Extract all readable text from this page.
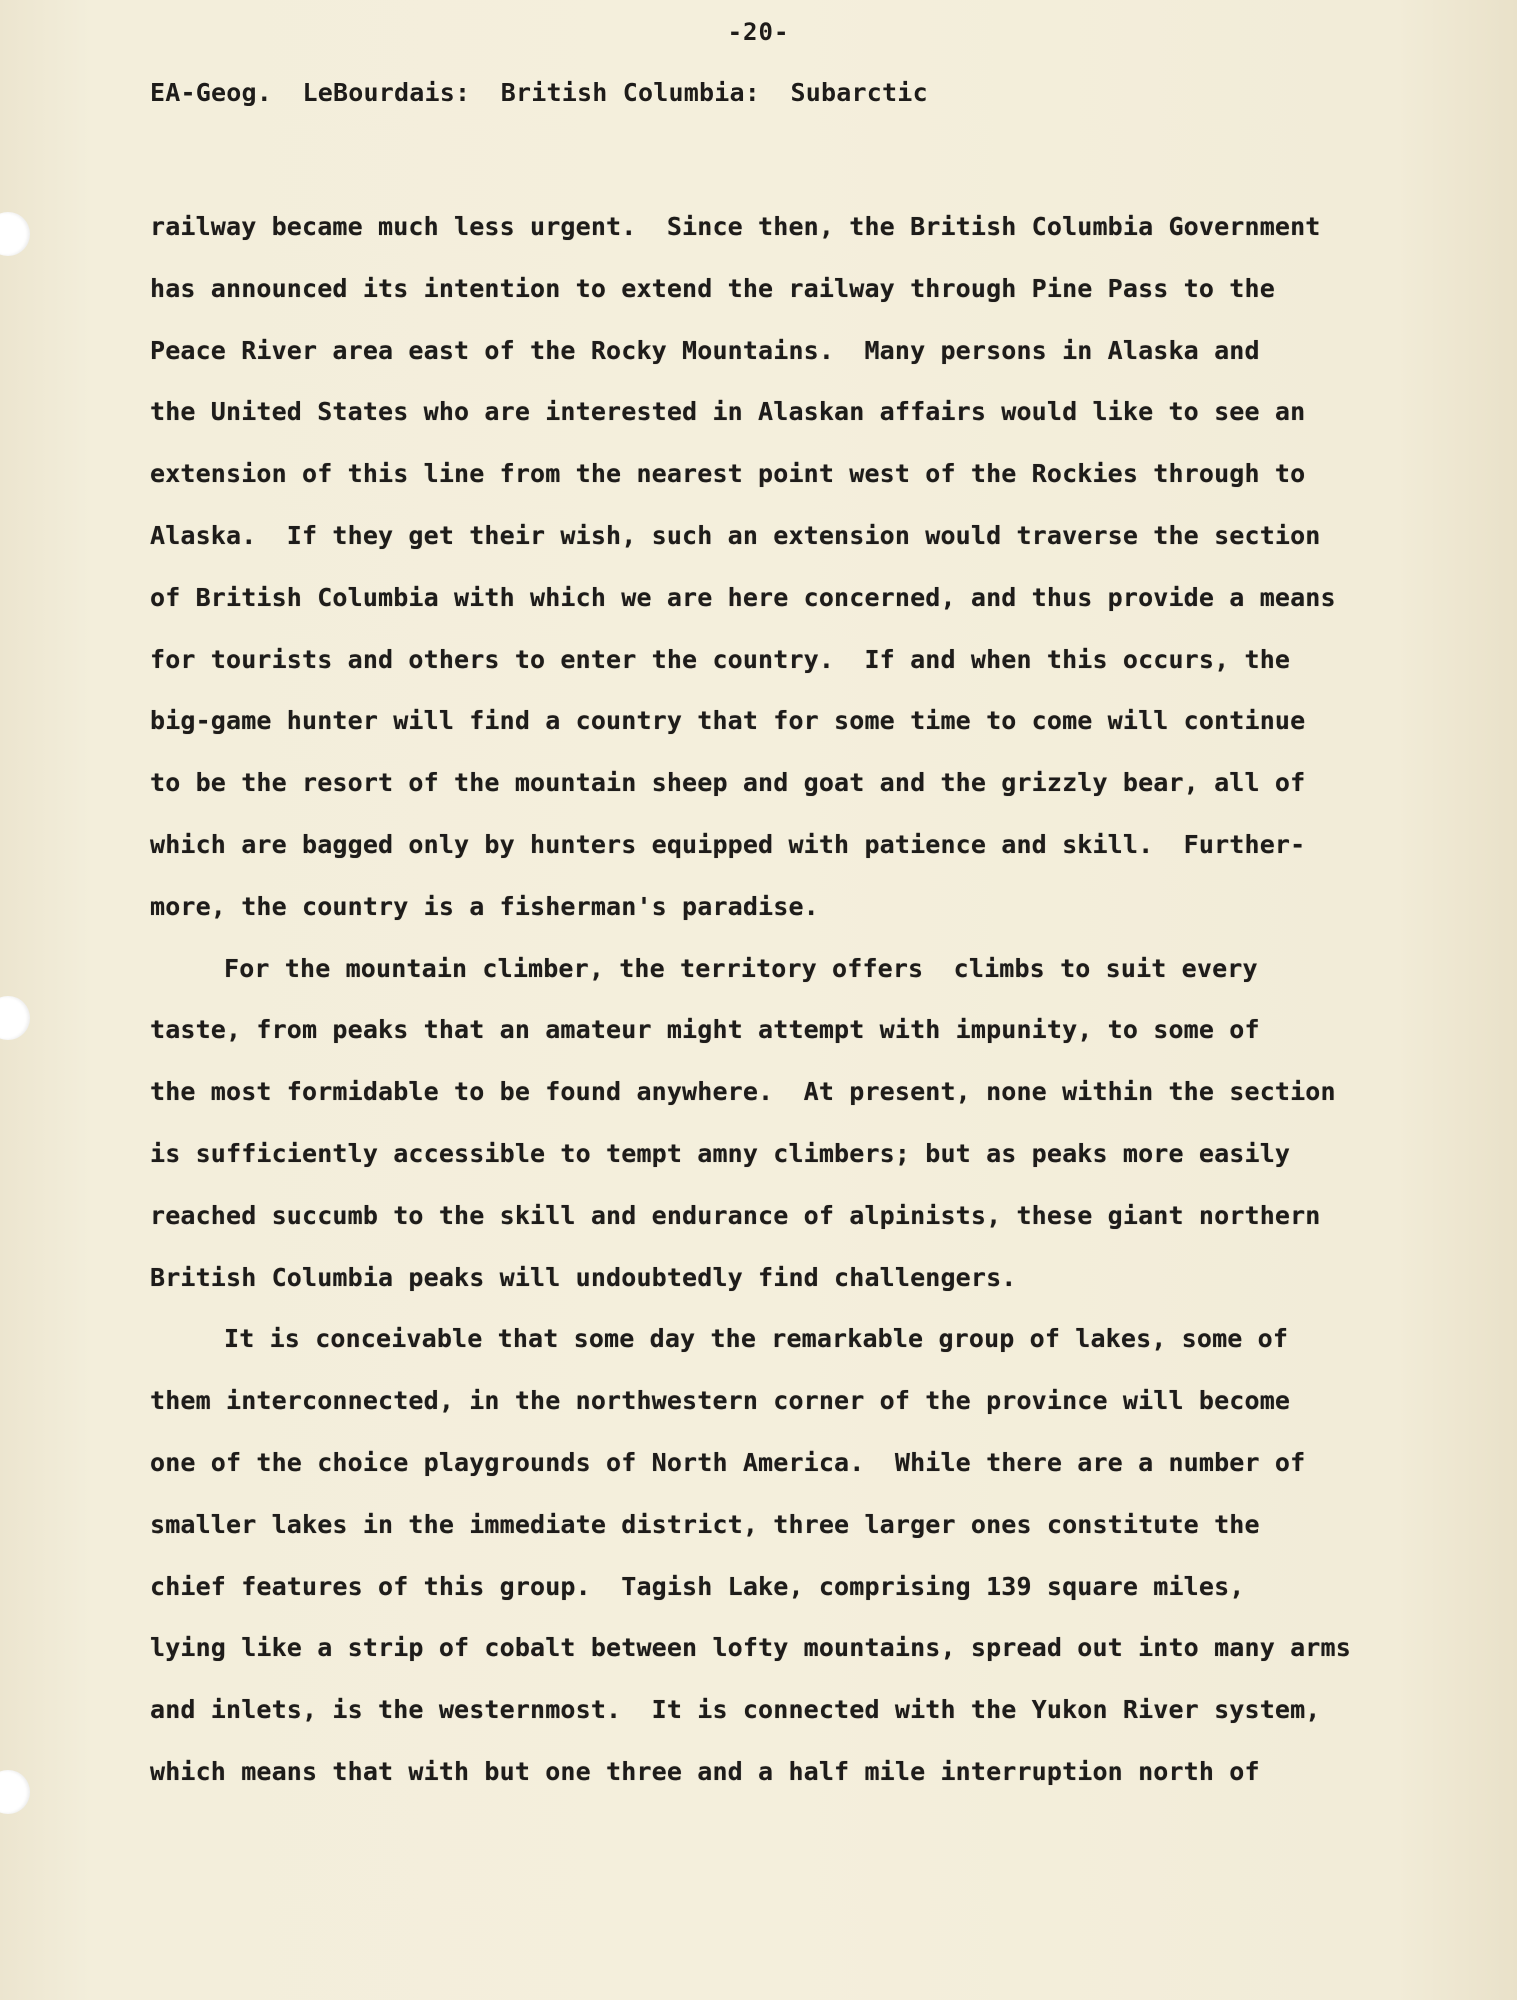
-20-
EA-Geog.  LeBourdais:  British Columbia:  Subarctic
railway became much less urgent.  Since then, the British Columbia Government
has announced its intention to extend the railway through Pine Pass to the
Peace River area east of the Rocky Mountains.  Many persons in Alaska and
the United States who are interested in Alaskan affairs would like to see an
extension of this line from the nearest point west of the Rockies through to
Alaska.  If they get their wish, such an extension would traverse the section
of British Columbia with which we are here concerned, and thus provide a means
for tourists and others to enter the country.  If and when this occurs, the
big-game hunter will find a country that for some time to come will continue
to be the resort of the mountain sheep and goat and the grizzly bear, all of
which are bagged only by hunters equipped with patience and skill.  Further-
more, the country is a fisherman's paradise.
For the mountain climber, the territory offers  climbs to suit every
taste, from peaks that an amateur might attempt with impunity, to some of
the most formidable to be found anywhere.  At present, none within the section
is sufficiently accessible to tempt amny climbers; but as peaks more easily
reached succumb to the skill and endurance of alpinists, these giant northern
British Columbia peaks will undoubtedly find challengers.
It is conceivable that some day the remarkable group of lakes, some of
them interconnected, in the northwestern corner of the province will become
one of the choice playgrounds of North America.  While there are a number of
smaller lakes in the immediate district, three larger ones constitute the
chief features of this group.  Tagish Lake, comprising 139 square miles,
lying like a strip of cobalt between lofty mountains, spread out into many arms
and inlets, is the westernmost.  It is connected with the Yukon River system,
which means that with but one three and a half mile interruption north of
